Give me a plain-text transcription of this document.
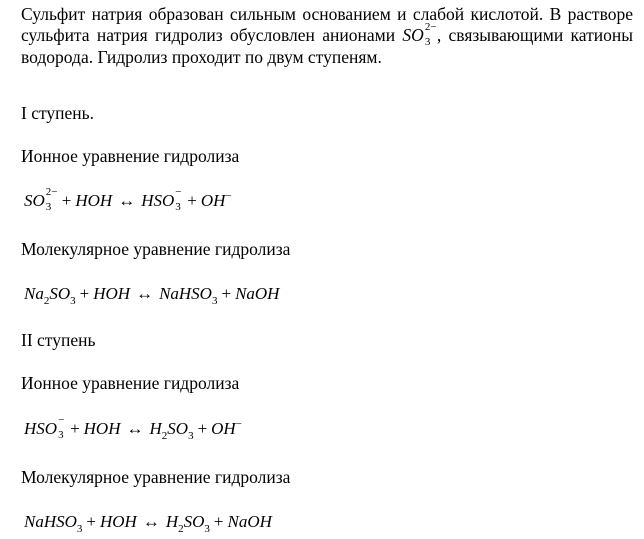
Сульфит натрия образован сильным основанием и слабой кислотой. В растворе сульфита натрия гидролиз обусловлен анионами SO 2−
3 , связывающими катионы водорода. Гидролиз проходит по двум ступеням.

I ступень.

Ионное уравнение гидролиза

SO 2−
3 + HOH ↔ HSO −
3 + OH−

Молекулярное уравнение гидролиза

Na2SO3 + HOH ↔ NaHSO3 + NaOH

II ступень

Ионное уравнение гидролиза

HSO −
3 + HOH ↔ H2SO3 + OH−

Молекулярное уравнение гидролиза

NaHSO3 + HOH ↔ H2SO3 + NaOH
